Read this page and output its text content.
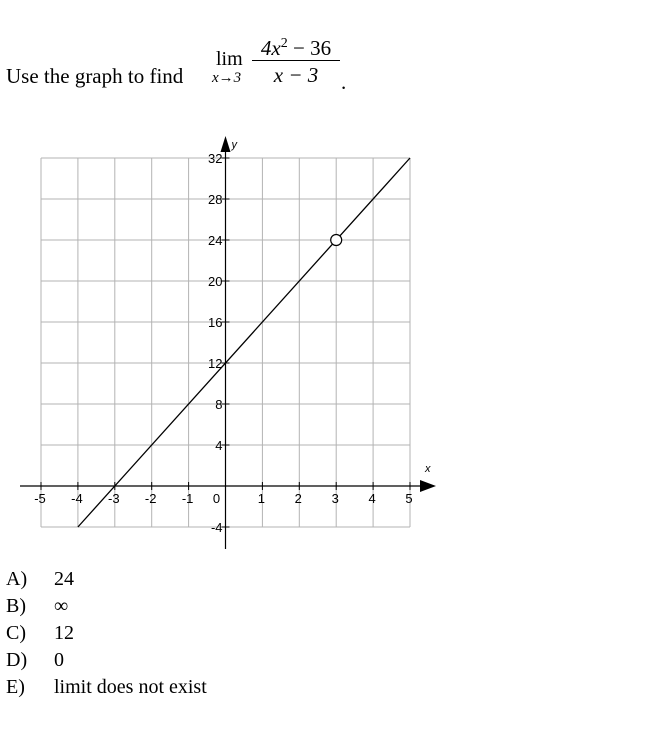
Use the graph to find
lim
x→3
$4x^2 - 36$
x − 3	.
x
y
-5 -4 -3 -2 -1 0	1 2 3 4 5
-4
4
8
12
16
20
24
28
32
A)	24
B)	∞
C)	12
D)	0
E)	limit does not exist
